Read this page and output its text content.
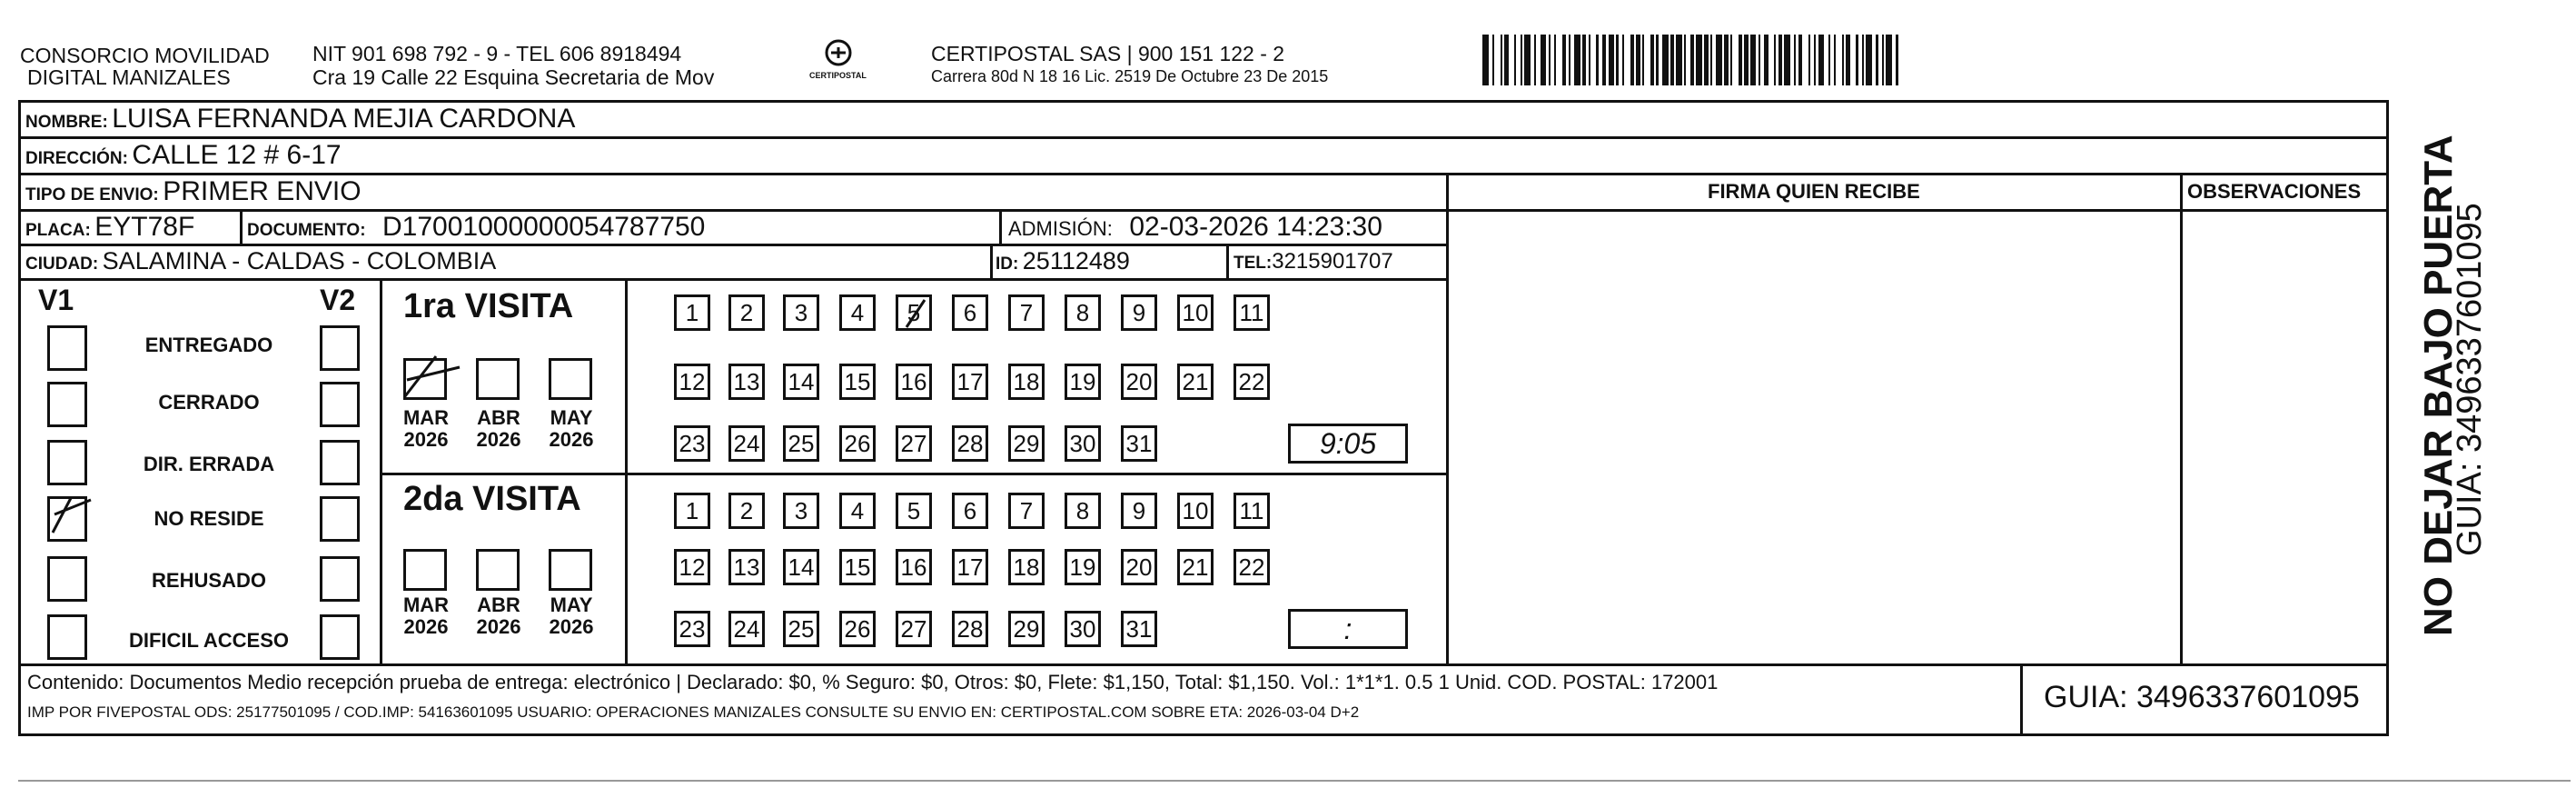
CONSORCIO MOVILIDAD
DIGITAL MANIZALES
NIT 901 698 792 - 9 - TEL 606 8918494
Cra 19 Calle 22 Esquina Secretaria de Mov	CERTIPOSTAL
CERTIPOSTAL SAS | 900 151 122 - 2
Carrera 80d N 18 16 Lic. 2519 De Octubre 23 De 2015
FIRMA QUIEN RECIBE	OBSERVACIONES
NOMBRE: LUISA FERNANDA MEJIA CARDONA
DIRECCIÓN: CALLE 12 # 6-17
TIPO DE ENVIO: PRIMER ENVIO
PLACA: EYT78F	DOCUMENTO: D17001000000054787750	ADMISIÓN: 02-03-2026 14:23:30
CIUDAD: SALAMINA - CALDAS - COLOMBIA	ID: 25112489	TEL:3215901707
V1	V2 1ra VISITA
2da VISITA
ENTREGADO
CERRADO
DIR. ERRADA
NO RESIDE
REHUSADO
DIFICIL ACCESO
1	2	3	4	5	6	7	8	9	10 11
12 13 14 15 16 17 18 19 20 21 22
23 24 25 26 27 28 29 30 31	9:05
1	2	3	4	5	6	7	8	9	10 11
12 13 14 15 16 17 18 19 20 21 22
23 24 25 26 27 28 29 30 31	:
MAR
2026
ABR
2026
MAY
2026
MAR
2026
ABR
2026
MAY
2026
Contenido: Documentos Medio recepción prueba de entrega: electrónico | Declarado: $0, % Seguro: $0, Otros: $0, Flete: $1,150, Total: $1,150. Vol.: 1*1*1. 0.5 1 Unid. COD. POSTAL: 172001
IMP POR FIVEPOSTAL ODS: 25177501095 / COD.IMP: 54163601095 USUARIO: OPERACIONES MANIZALES CONSULTE SU ENVIO EN: CERTIPOSTAL.COM SOBRE ETA: 2026-03-04 D+2	GUIA: 3496337601095
NO DEJAR BAJO PUERTA
GUIA: 3496337601095
